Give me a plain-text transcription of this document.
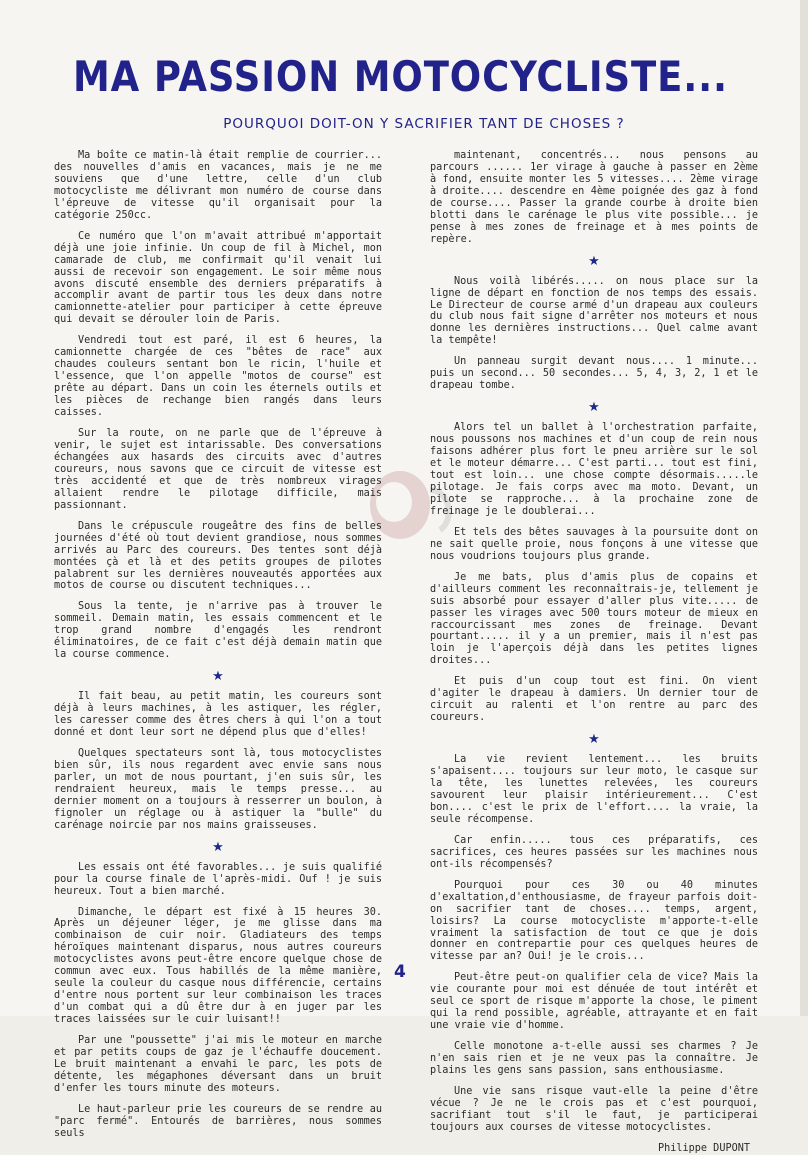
MA PASSION MOTOCYCLISTE...
POURQUOI DOIT-ON Y SACRIFIER TANT DE CHOSES ?

Ma boîte ce matin-là était remplie de courrier... des nouvelles d'amis en vacances, mais je ne me souviens que d'une lettre, celle d'un club motocycliste me délivrant mon numéro de course dans l'épreuve de vitesse qu'il organisait pour la catégorie 250cc.

Ce numéro que l'on m'avait attribué m'apportait déjà une joie infinie. Un coup de fil à Michel, mon camarade de club, me confirmait qu'il venait lui aussi de recevoir son engagement. Le soir même nous avons discuté ensemble des derniers préparatifs à accomplir avant de partir tous les deux dans notre camionnette-atelier pour participer à cette épreuve qui devait se dérouler loin de Paris.

Vendredi tout est paré, il est 6 heures, la camionnette chargée de ces "bêtes de race" aux chaudes couleurs sentant bon le ricin, l'huile et l'essence, que l'on appelle "motos de course" est prête au départ. Dans un coin les éternels outils et les pièces de rechange bien rangés dans leurs caisses.

Sur la route, on ne parle que de l'épreuve à venir, le sujet est intarissable. Des conversations échangées aux hasards des circuits avec d'autres coureurs, nous savons que ce circuit de vitesse est très accidenté et que de très nombreux virages allaient rendre le pilotage difficile, mais passionnant.

Dans le crépuscule rougeâtre des fins de belles journées d'été où tout devient grandiose, nous sommes arrivés au Parc des coureurs. Des tentes sont déjà montées çà et là et des petits groupes de pilotes palabrent sur les dernières nouveautés apportées aux motos de course ou discutent techniques...

Sous la tente, je n'arrive pas à trouver le sommeil. Demain matin, les essais commencent et le trop grand nombre d'engagés les rendront éliminatoires, de ce fait c'est déjà demain matin que la course commence.

★

Il fait beau, au petit matin, les coureurs sont déjà à leurs machines, à les astiquer, les régler, les caresser comme des êtres chers à qui l'on a tout donné et dont leur sort ne dépend plus que d'elles!

Quelques spectateurs sont là, tous motocyclistes bien sûr, ils nous regardent avec envie sans nous parler, un mot de nous pourtant, j'en suis sûr, les rendraient heureux, mais le temps presse... au dernier moment on a toujours à resserrer un boulon, à fignoler un réglage ou à astiquer la "bulle" du carénage noircie par nos mains graisseuses.

★

Les essais ont été favorables... je suis qualifié pour la course finale de l'après-midi. Ouf ! je suis heureux. Tout a bien marché.

Dimanche, le départ est fixé à 15 heures 30. Après un déjeuner léger, je me glisse dans ma combinaison de cuir noir. Gladiateurs des temps héroïques maintenant disparus, nous autres coureurs motocyclistes avons peut-être encore quelque chose de commun avec eux. Tous habillés de la même manière, seule la couleur du casque nous différencie, certains d'entre nous portent sur leur combinaison les traces d'un combat qui a dû être dur à en juger par les traces laissées sur le cuir luisant!!

Par une "poussette" j'ai mis le moteur en marche et par petits coups de gaz je l'échauffe doucement. Le bruit maintenant a envahi le parc, les pots de détente, les mégaphones déversant dans un bruit d'enfer les tours minute des moteurs.

Le haut-parleur prie les coureurs de se rendre au "parc fermé". Entourés de barrières, nous sommes seuls

maintenant, concentrés... nous pensons au parcours ...... 1er virage à gauche à passer en 2ème à fond, ensuite monter les 5 vitesses.... 2ème virage à droite.... descendre en 4ème poignée des gaz à fond de course.... Passer la grande courbe à droite bien blotti dans le carénage le plus vite possible... je pense à mes zones de freinage et à mes points de repère.

★

Nous voilà libérés..... on nous place sur la ligne de départ en fonction de nos temps des essais. Le Directeur de course armé d'un drapeau aux couleurs du club nous fait signe d'arrêter nos moteurs et nous donne les dernières instructions... Quel calme avant la tempête!

Un panneau surgit devant nous.... 1 minute... puis un second... 50 secondes... 5, 4, 3, 2, 1 et le drapeau tombe.

★

Alors tel un ballet à l'orchestration parfaite, nous poussons nos machines et d'un coup de rein nous faisons adhérer plus fort le pneu arrière sur le sol et le moteur démarre... C'est parti... tout est fini, tout est loin... une chose compte désormais.....le pilotage. Je fais corps avec ma moto. Devant, un pilote se rapproche... à la prochaine zone de freinage je le doublerai...

Et tels des bêtes sauvages à la poursuite dont on ne sait quelle proie, nous fonçons à une vitesse que nous voudrions toujours plus grande.

Je me bats, plus d'amis plus de copains et d'ailleurs comment les reconnaîtrais-je, tellement je suis absorbé pour essayer d'aller plus vite..... de passer les virages avec 500 tours moteur de mieux en raccourcissant mes zones de freinage. Devant pourtant..... il y a un premier, mais il n'est pas loin je l'aperçois déjà dans les petites lignes droites...

Et puis d'un coup tout est fini. On vient d'agiter le drapeau à damiers. Un dernier tour de circuit au ralenti et l'on rentre au parc des coureurs.

★

La vie revient lentement... les bruits s'apaisent.... toujours sur leur moto, le casque sur la tête, les lunettes relevées, les coureurs savourent leur plaisir intérieurement... C'est bon.... c'est le prix de l'effort.... la vraie, la seule récompense.

Car enfin..... tous ces préparatifs, ces sacrifices, ces heures passées sur les machines nous ont-ils récompensés?

Pourquoi pour ces 30 ou 40 minutes d'exaltation,d'enthousiasme, de frayeur parfois doit-on sacrifier tant de choses.... temps, argent, loisirs? La course motocycliste m'apporte-t-elle vraiment la satisfaction de tout ce que je dois donner en contrepartie pour ces quelques heures de vitesse par an? Oui! je le crois...

Peut-être peut-on qualifier cela de vice? Mais la vie courante pour moi est dénuée de tout intérêt et seul ce sport de risque m'apporte la chose, le piment qui la rend possible, agréable, attrayante et en fait une vraie vie d'homme.

Celle monotone a-t-elle aussi ses charmes ? Je n'en sais rien et je ne veux pas la connaître. Je plains les gens sans passion, sans enthousiasme.

Une vie sans risque vaut-elle la peine d'être vécue ? Je ne le crois pas et c'est pourquoi, sacrifiant tout s'il le faut, je participerai toujours aux courses de vitesse motocyclistes.

Philippe DUPONT
4
